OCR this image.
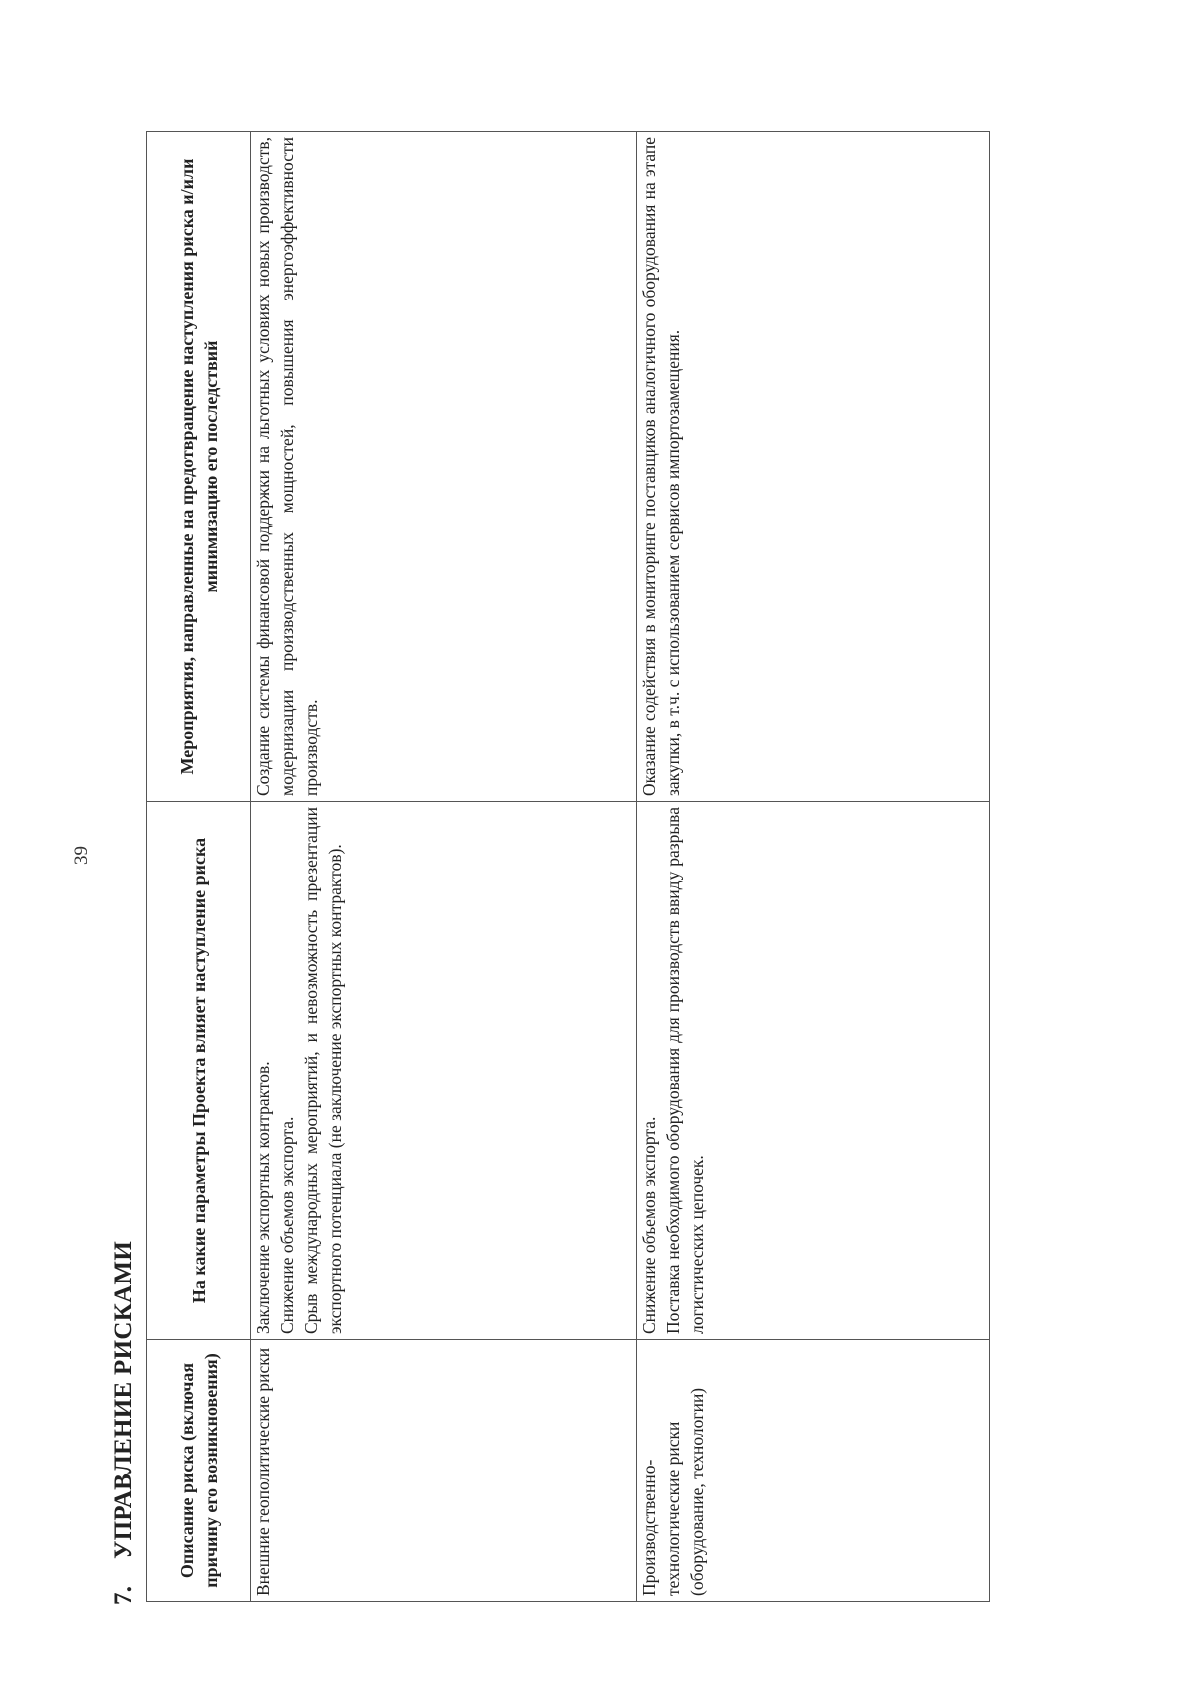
39
7.
УПРАВЛЕНИЕ РИСКАМИ Описание риска (включая причину его возникновения)	На какие параметры Проекта влияет наступление риска	Мероприятия, направленные на предотвращение наступления риска и/или минимизацию его последствий
Внешние геополитические риски	Заключение экспортных контрактов. Снижение объемов экспорта. Срыв международных мероприятий, и невозможность презентации экспортного потенциала (не заключение экспортных контрактов).	Создание системы финансовой поддержки на льготных условиях новых производств, модернизации производственных мощностей, повышения энергоэффективности производств.
Производственно-технологические риски (оборудование, технологии)	Снижение объемов экспорта. Поставка необходимого оборудования для производств ввиду разрыва логистических цепочек.	Оказание содействия в мониторинге поставщиков аналогичного оборудования на этапе закупки, в т.ч. с использованием сервисов импортозамещения.
